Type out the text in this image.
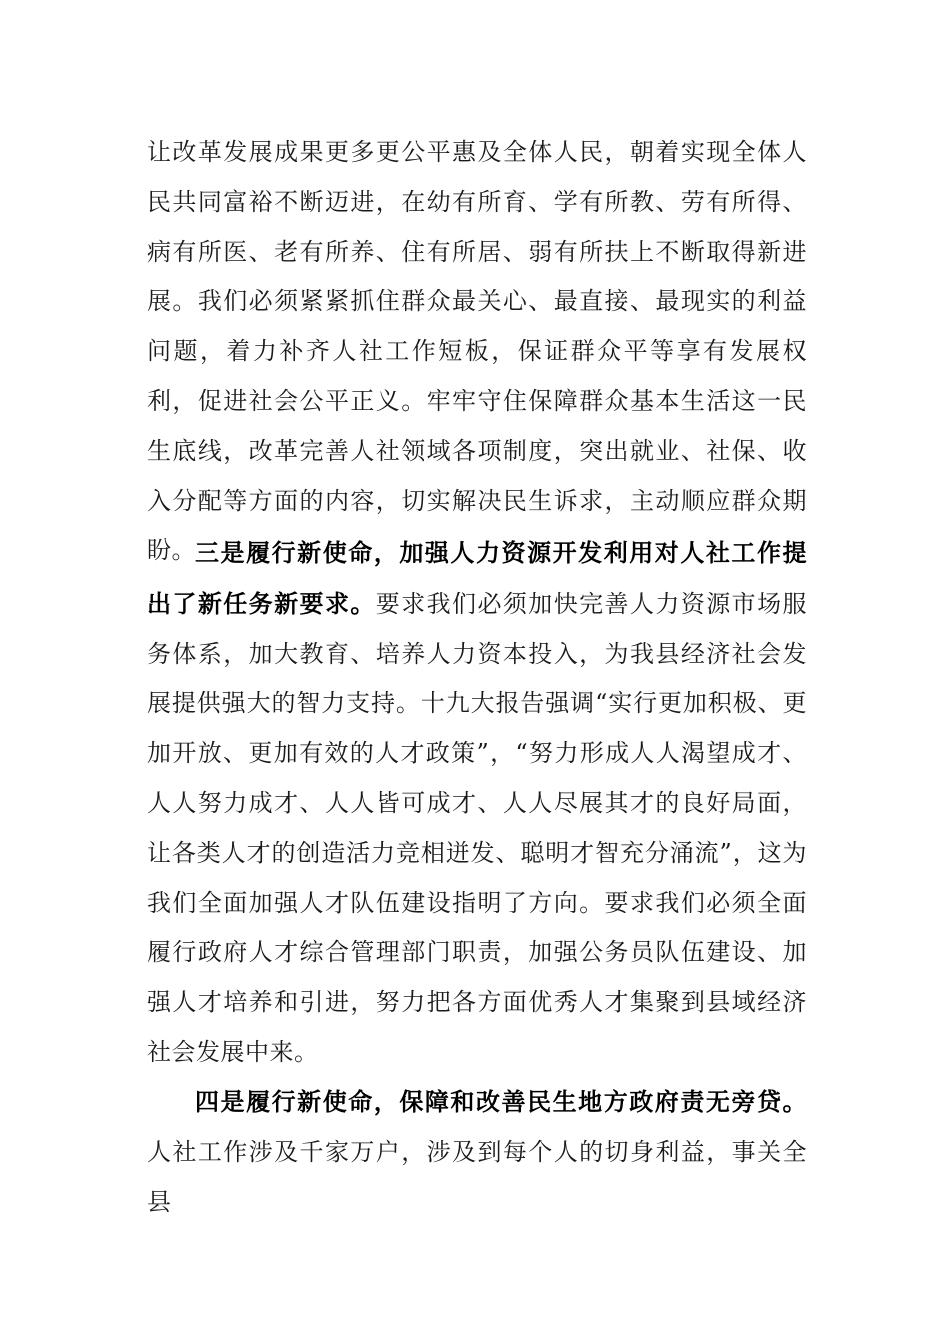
让改革发展成果更多更公平惠及全体人民，朝着实现全体人民共同富裕不断迈进，在幼有所育、学有所教、劳有所得、病有所医、老有所养、住有所居、弱有所扶上不断取得新进展。我们必须紧紧抓住群众最关心、最直接、最现实的利益问题，着力补齐人社工作短板，保证群众平等享有发展权利，促进社会公平正义。牢牢守住保障群众基本生活这一民生底线，改革完善人社领域各项制度，突出就业、社保、收入分配等方面的内容，切实解决民生诉求，主动顺应群众期盼。 三是履行新使命，加强人力资源开发利用对人社工作提出了新任务新要求。要求我们必须加快完善人力资源市场服务体系，加大教育、培养人力资本投入，为我县经济社会发展提供强大的智力支持。十九大报告强调“实行更加积极、更加开放、更加有效的人才政策”，“努力形成人人渴望成才、人人努力成才、人人皆可成才、人人尽展其才的良好局面，让各类人才的创造活力竞相迸发、聪明才智充分涌流”，这为我们全面加强人才队伍建设指明了方向。要求我们必须全面履行政府人才综合管理部门职责，加强公务员队伍建设、加强人才培养和引进，努力把各方面优秀人才集聚到县域经济社会发展中来。

四是履行新使命，保障和改善民生地方政府责无旁贷。人社工作涉及千家万户，涉及到每个人的切身利益，事关全县
